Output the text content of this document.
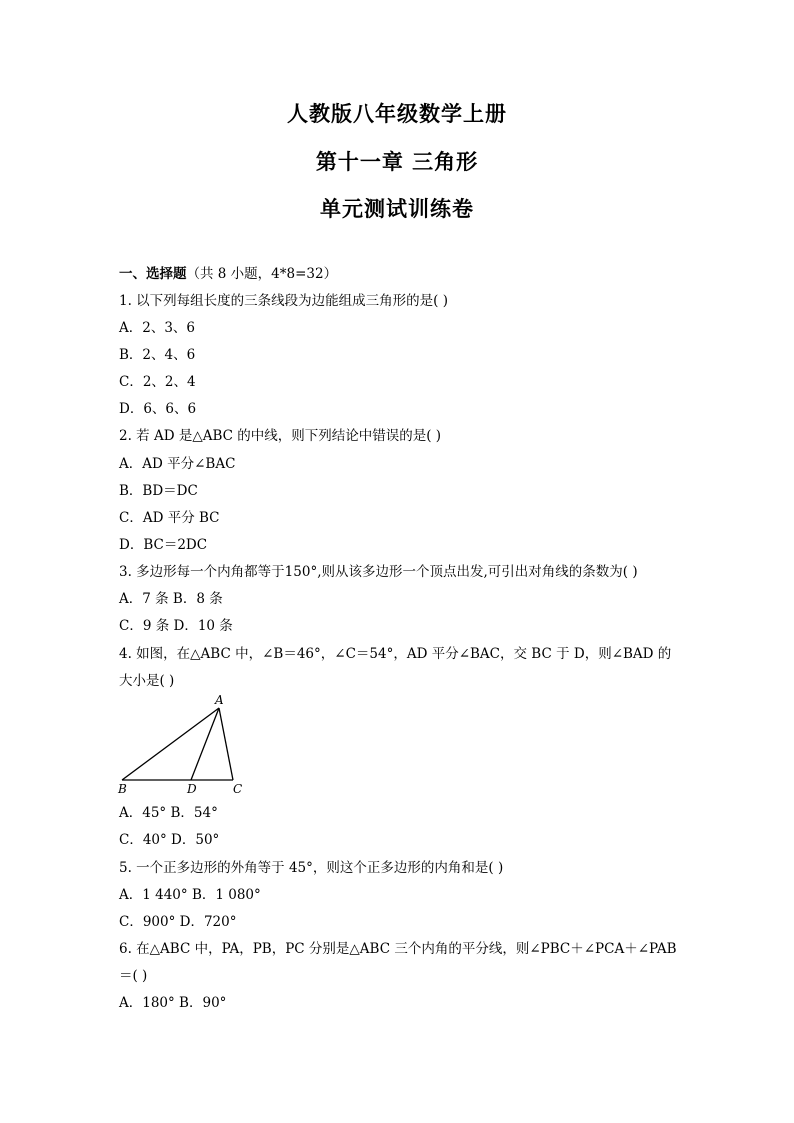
人教版八年级数学上册
第十一章 三角形
单元测试训练卷
一、选择题（共 8 小题，4*8=32）
1. 以下列每组长度的三条线段为边能组成三角形的是( )
A．2、3、6
B．2、4、6
C．2、2、4
D．6、6、6
2. 若 AD 是△ABC 的中线，则下列结论中错误的是( )
A．AD 平分∠BAC
B．BD＝DC
C．AD 平分 BC
D．BC＝2DC
3. 多边形每一个内角都等于150°,则从该多边形一个顶点出发,可引出对角线的条数为( )
A．7 条 B．8 条
C．9 条 D．10 条
4. 如图，在△ABC 中，∠B＝46°，∠C＝54°，AD 平分∠BAC，交 BC 于 D，则∠BAD 的
大小是( )
A
B	D	C
A．45° B．54°
C．40° D．50°
5. 一个正多边形的外角等于 45°，则这个正多边形的内角和是( )
A．1 440° B．1 080°
C．900° D．720°
6. 在△ABC 中，PA，PB，PC 分别是△ABC 三个内角的平分线，则∠PBC＋∠PCA＋∠PAB
＝( )
A．180° B．90°
